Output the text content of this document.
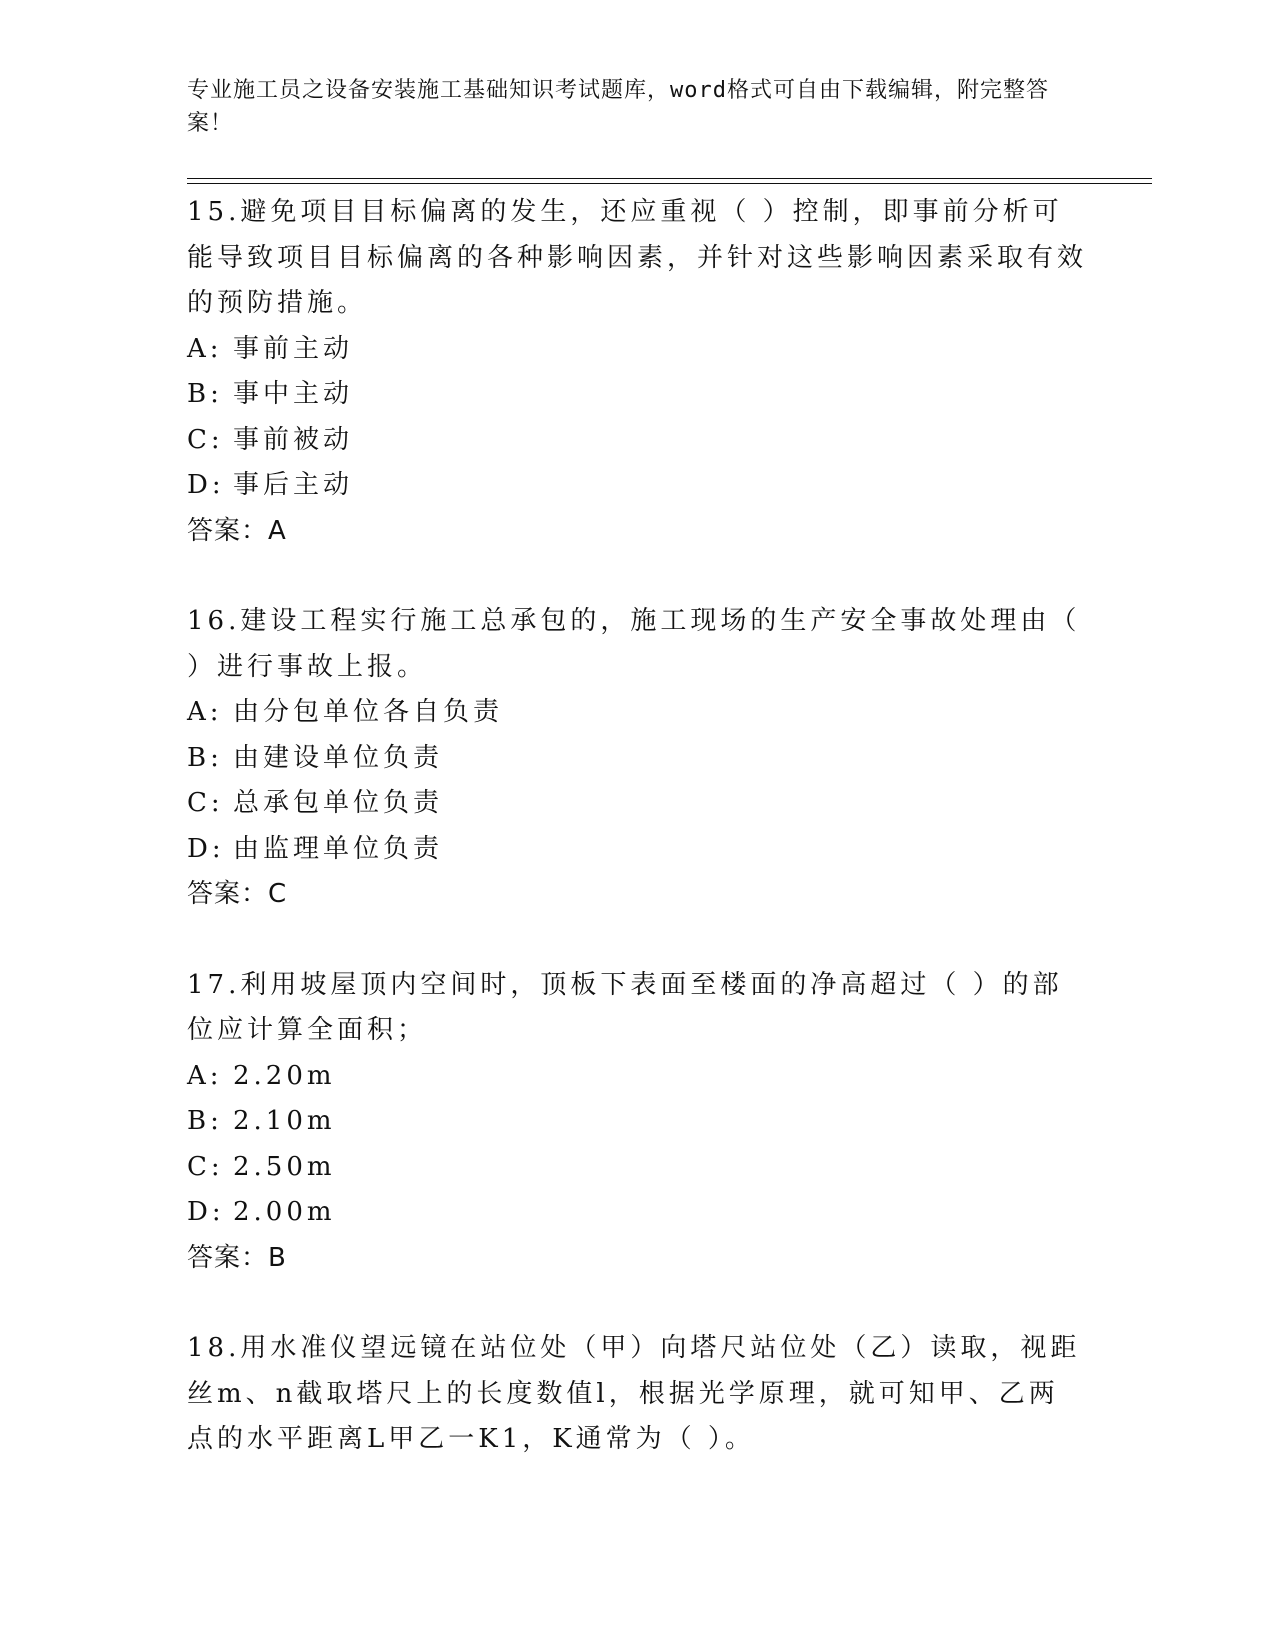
专业施工员之设备安装施工基础知识考试题库，word格式可自由下载编辑，附完整答案！
15.避免项目目标偏离的发生，还应重视（ ）控制，即事前分析可能导致项目目标偏离的各种影响因素，并针对这些影响因素采取有效的预防措施。
A: 事前主动
B: 事中主动
C: 事前被动
D: 事后主动
答案：A
16.建设工程实行施工总承包的，施工现场的生产安全事故处理由（ ）进行事故上报。
A: 由分包单位各自负责
B: 由建设单位负责
C: 总承包单位负责
D: 由监理单位负责
答案：C
17.利用坡屋顶内空间时，顶板下表面至楼面的净高超过（ ）的部位应计算全面积；
A: 2.20m
B: 2.10m
C: 2.50m
D: 2.00m
答案：B
18.用水准仪望远镜在站位处（甲）向塔尺站位处（乙）读取，视距丝m、n截取塔尺上的长度数值l，根据光学原理，就可知甲、乙两点的水平距离L甲乙一K1，K通常为（ ）。
